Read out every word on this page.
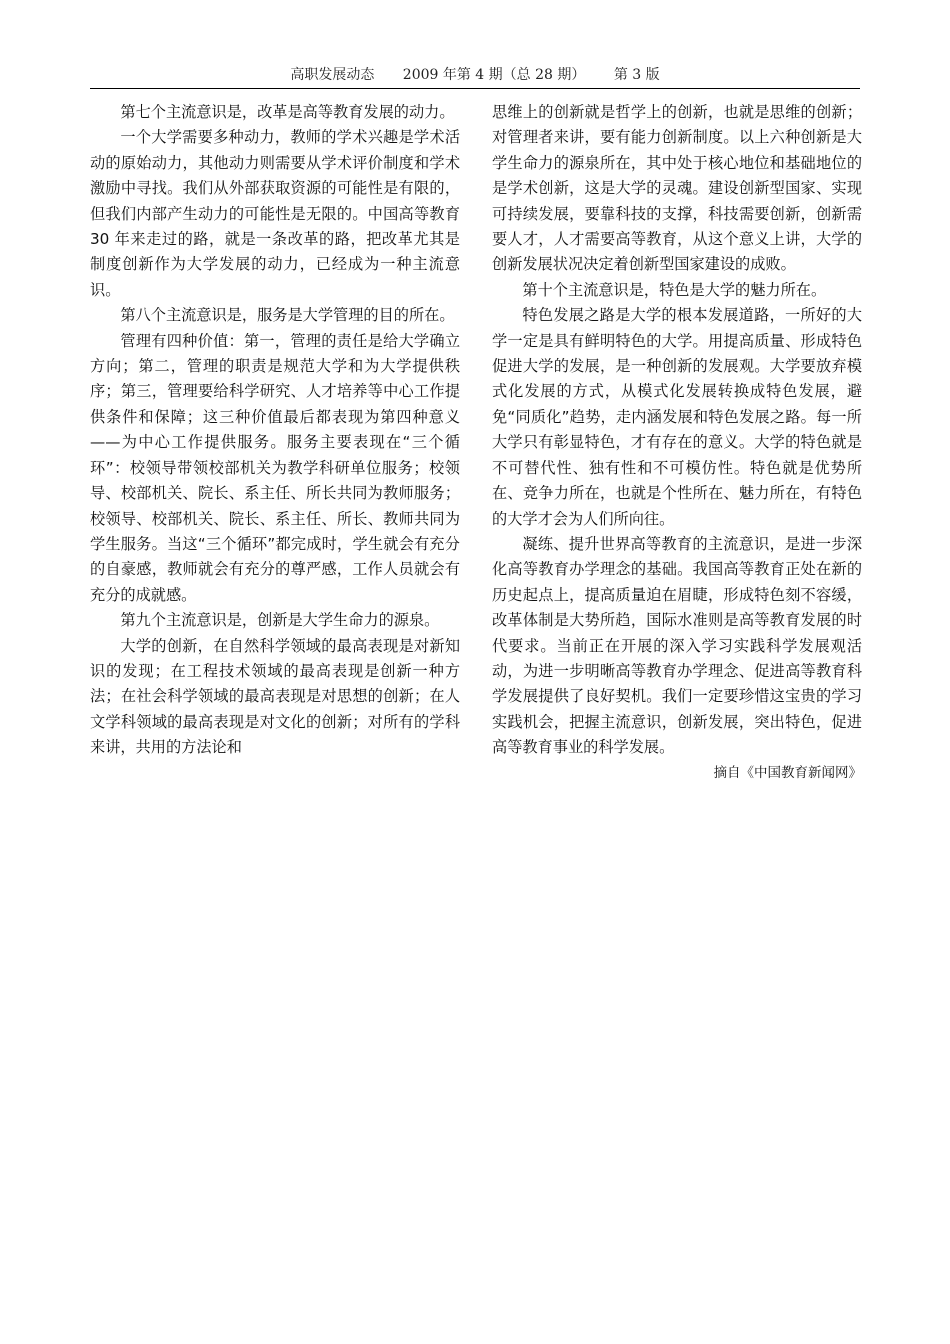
高职发展动态 2009 年第 4 期（总 28 期） 第 3 版

第七个主流意识是，改革是高等教育发展的动力。

一个大学需要多种动力，教师的学术兴趣是学术活动的原始动力，其他动力则需要从学术评价制度和学术激励中寻找。我们从外部获取资源的可能性是有限的，但我们内部产生动力的可能性是无限的。中国高等教育 30 年来走过的路，就是一条改革的路，把改革尤其是制度创新作为大学发展的动力，已经成为一种主流意识。

第八个主流意识是，服务是大学管理的目的所在。

管理有四种价值：第一，管理的责任是给大学确立方向；第二，管理的职责是规范大学和为大学提供秩序；第三，管理要给科学研究、人才培养等中心工作提供条件和保障；这三种价值最后都表现为第四种意义——为中心工作提供服务。服务主要表现在“三个循环”：校领导带领校部机关为教学科研单位服务；校领导、校部机关、院长、系主任、所长共同为教师服务；校领导、校部机关、院长、系主任、所长、教师共同为学生服务。当这“三个循环”都完成时，学生就会有充分的自豪感，教师就会有充分的尊严感，工作人员就会有充分的成就感。

第九个主流意识是，创新是大学生命力的源泉。

大学的创新，在自然科学领域的最高表现是对新知识的发现；在工程技术领域的最高表现是创新一种方法；在社会科学领域的最高表现是对思想的创新；在人文学科领域的最高表现是对文化的创新；对所有的学科来讲，共用的方法论和

思维上的创新就是哲学上的创新，也就是思维的创新；对管理者来讲，要有能力创新制度。以上六种创新是大学生命力的源泉所在，其中处于核心地位和基础地位的是学术创新，这是大学的灵魂。建设创新型国家、实现可持续发展，要靠科技的支撑，科技需要创新，创新需要人才，人才需要高等教育，从这个意义上讲，大学的创新发展状况决定着创新型国家建设的成败。

第十个主流意识是，特色是大学的魅力所在。

特色发展之路是大学的根本发展道路，一所好的大学一定是具有鲜明特色的大学。用提高质量、形成特色促进大学的发展，是一种创新的发展观。大学要放弃模式化发展的方式，从模式化发展转换成特色发展，避免“同质化”趋势，走内涵发展和特色发展之路。每一所大学只有彰显特色，才有存在的意义。大学的特色就是不可替代性、独有性和不可模仿性。特色就是优势所在、竞争力所在，也就是个性所在、魅力所在，有特色的大学才会为人们所向往。

凝练、提升世界高等教育的主流意识，是进一步深化高等教育办学理念的基础。我国高等教育正处在新的历史起点上，提高质量迫在眉睫，形成特色刻不容缓，改革体制是大势所趋，国际水准则是高等教育发展的时代要求。当前正在开展的深入学习实践科学发展观活动，为进一步明晰高等教育办学理念、促进高等教育科学发展提供了良好契机。我们一定要珍惜这宝贵的学习实践机会，把握主流意识，创新发展，突出特色，促进高等教育事业的科学发展。

摘自《中国教育新闻网》
